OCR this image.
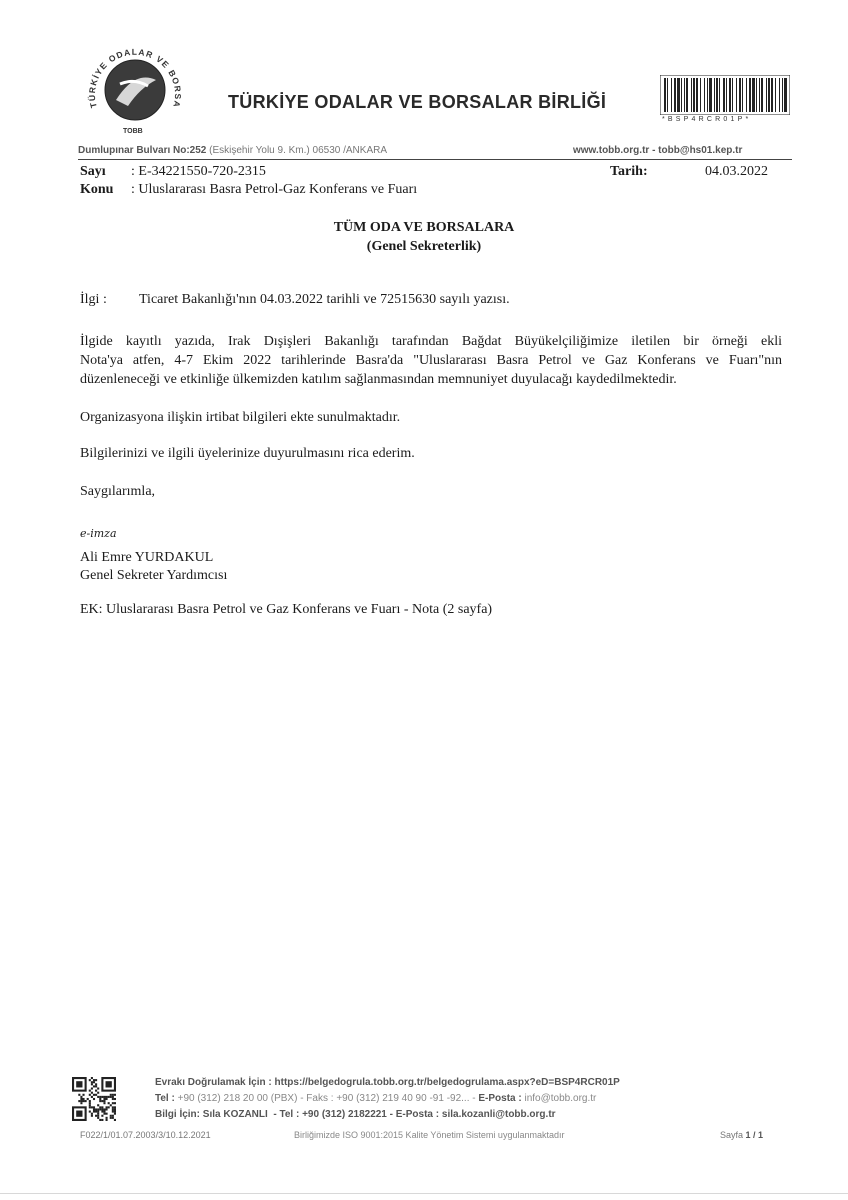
TÜRKİYE ODALAR VE BORSA
TOBB
TÜRKİYE ODALAR VE BORSALAR BİRLİĞİ
*BSP4RCR01P*
Dumlupınar Bulvarı No:252 (Eskişehir Yolu 9. Km.) 06530 /ANKARA	www.tobb.org.tr - tobb@hs01.kep.tr
Sayı : E-34221550-720-2315
Konu : Uluslararası Basra Petrol-Gaz Konferans ve Fuarı
Tarih:	04.03.2022
TÜM ODA VE BORSALARA
(Genel Sekreterlik)
İlgi : Ticaret Bakanlığı'nın 04.03.2022 tarihli ve 72515630 sayılı yazısı.
İlgide kayıtlı yazıda, Irak Dışişleri Bakanlığı tarafından Bağdat Büyükelçiliğimize iletilen bir örneği ekli
Nota'ya atfen, 4-7 Ekim 2022 tarihlerinde Basra'da "Uluslararası Basra Petrol ve Gaz Konferans ve Fuarı"nın
düzenleneceği ve etkinliğe ülkemizden katılım sağlanmasından memnuniyet duyulacağı kaydedilmektedir.
Organizasyona ilişkin irtibat bilgileri ekte sunulmaktadır.
Bilgilerinizi ve ilgili üyelerinize duyurulmasını rica ederim.
Saygılarımla,
e-imza
Ali Emre YURDAKUL
Genel Sekreter Yardımcısı
EK: Uluslararası Basra Petrol ve Gaz Konferans ve Fuarı - Nota (2 sayfa)
Evrakı Doğrulamak İçin : https://belgedogrula.tobb.org.tr/belgedogrulama.aspx?eD=BSP4RCR01P
Tel : +90 (312) 218 20 00 (PBX) - Faks : +90 (312) 219 40 90 -91 -92... - E-Posta : info@tobb.org.tr
Bilgi İçin: Sıla KOZANLI - Tel : +90 (312) 2182221 - E-Posta : sila.kozanli@tobb.org.tr
F022/1/01.07.2003/3/10.12.2021	Birliğimizde ISO 9001:2015 Kalite Yönetim Sistemi uygulanmaktadır	Sayfa 1 / 1
